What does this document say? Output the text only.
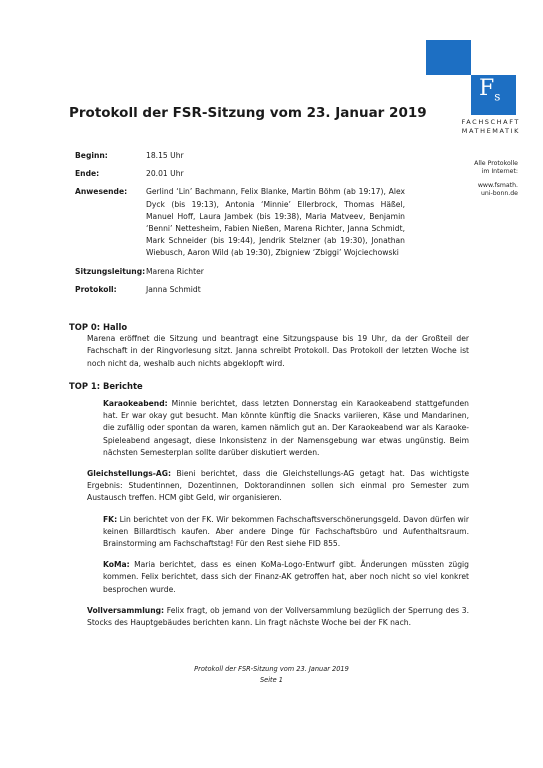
$F_s$
FACHSCHAFT
MATHEMATIK
Alle Protokolle
im Internet:
www.fsmath.
uni-bonn.de
Protokoll der FSR-Sitzung vom 23. Januar 2019
Beginn:	18.15 Uhr
Ende:	20.01 Uhr
Anwesende:	Gerlind ‘Lin’ Bachmann, Felix Blanke, Martin Böhm (ab 19:17), Alex Dyck (bis 19:13), Antonia ‘Minnie’ Ellerbrock, Thomas Häßel, Manuel Hoff, Laura Jambek (bis 19:38), Maria Matveev, Benjamin ‘Benni’ Nettesheim, Fabien Nießen, Marena Richter, Janna Schmidt, Mark Schneider (bis 19:44), Jendrik Stelzner (ab 19:30), Jonathan Wiebusch, Aaron Wild (ab 19:30), Zbigniew ‘Zbiggi’ Wojciechowski
Sitzungsleitung: Marena Richter
Protokoll:	Janna Schmidt
TOP 0: Hallo
Marena eröffnet die Sitzung und beantragt eine Sitzungspause bis 19 Uhr, da der Großteil der Fachschaft in der Ringvorlesung sitzt. Janna schreibt Protokoll. Das Protokoll der letzten Woche ist noch nicht da, weshalb auch nichts abgeklopft wird.
TOP 1: Berichte
Karaokeabend: Minnie berichtet, dass letzten Donnerstag ein Karaokeabend stattgefunden hat. Er war okay gut besucht. Man könnte künftig die Snacks variieren, Käse und Mandarinen, die zufällig oder spontan da waren, kamen nämlich gut an. Der Karaokeabend war als Karaoke-Spieleabend angesagt, diese Inkonsistenz in der Namensgebung war etwas ungünstig. Beim nächsten Semesterplan sollte darüber diskutiert werden.
Gleichstellungs-AG: Bieni berichtet, dass die Gleichstellungs-AG getagt hat. Das wichtigste Ergebnis: Studentinnen, Dozentinnen, Doktorandinnen sollen sich einmal pro Semester zum Austausch treffen. HCM gibt Geld, wir organisieren.
FK: Lin berichtet von der FK. Wir bekommen Fachschaftsverschönerungsgeld. Davon dürfen wir keinen Billardtisch kaufen. Aber andere Dinge für Fachschaftsbüro und Aufenthaltsraum. Brainstorming am Fachschaftstag! Für den Rest siehe FID 855.
KoMa: Maria berichtet, dass es einen KoMa-Logo-Entwurf gibt. Änderungen müssten zügig kommen. Felix berichtet, dass sich der Finanz-AK getroffen hat, aber noch nicht so viel konkret besprochen wurde.
Vollversammlung: Felix fragt, ob jemand von der Vollversammlung bezüglich der Sperrung des 3. Stocks des Hauptgebäudes berichten kann. Lin fragt nächste Woche bei der FK nach.
Protokoll der FSR-Sitzung vom 23. Januar 2019
Seite 1
